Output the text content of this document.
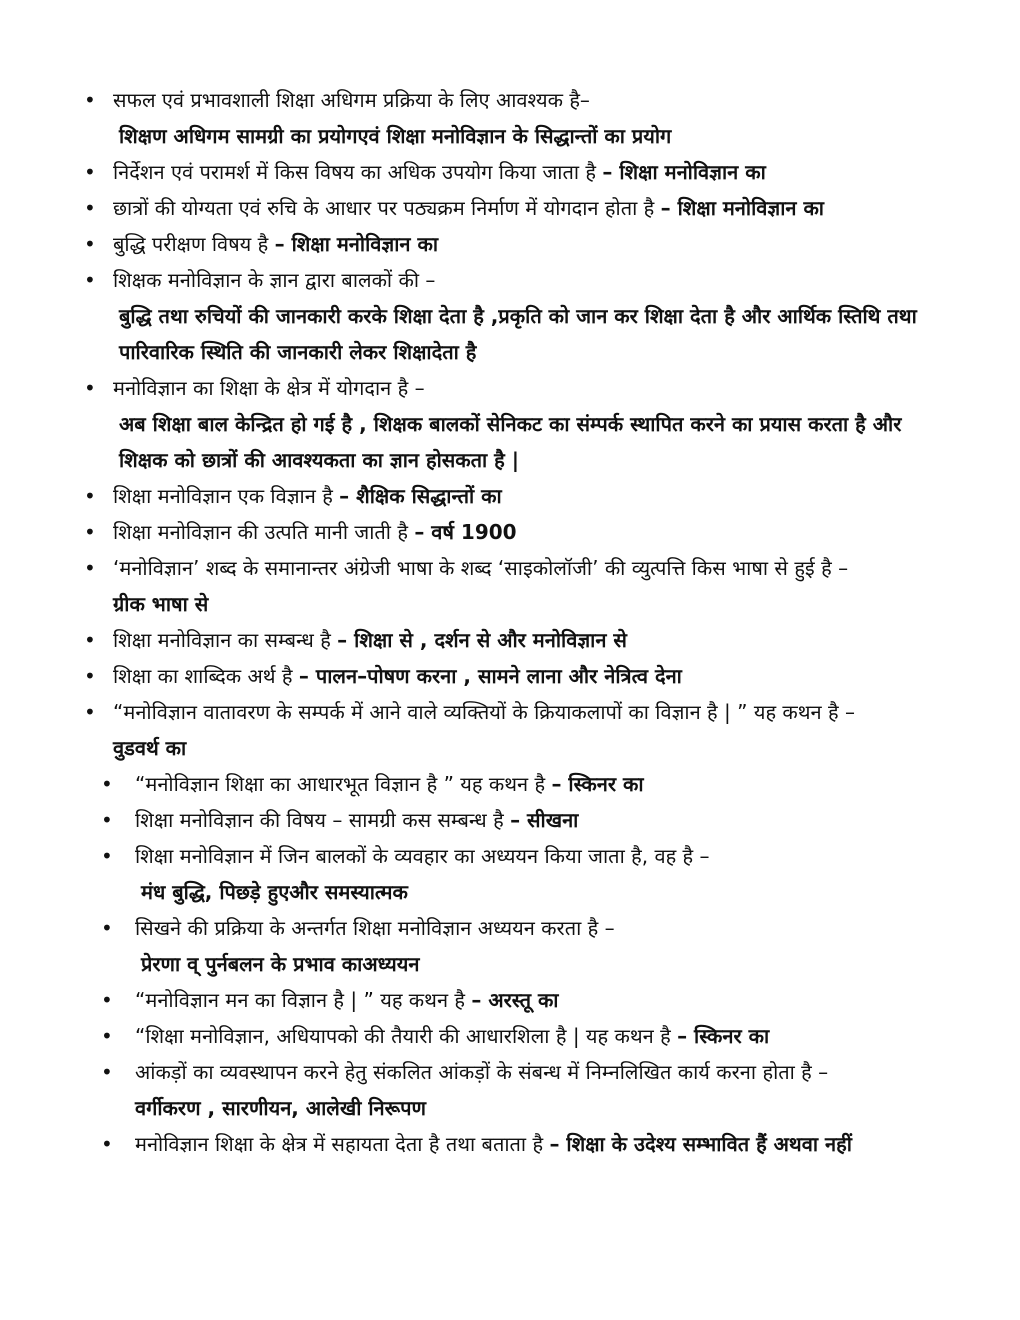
• सफल एवं प्रभावशाली शिक्षा अधिगम प्रक्रिया के लिए आवश्यक है–
शिक्षण अधिगम सामग्री का प्रयोगएवं शिक्षा मनोविज्ञान के सिद्धान्तों का प्रयोग
• निर्देशन एवं परामर्श में किस विषय का अधिक उपयोग किया जाता है – शिक्षा मनोविज्ञान का
• छात्रों की योग्यता एवं रुचि के आधार पर पठ्यक्रम निर्माण में योगदान होता है – शिक्षा मनोविज्ञान का
• बुद्धि परीक्षण विषय है – शिक्षा मनोविज्ञान का
• शिक्षक मनोविज्ञान के ज्ञान द्वारा बालकों की –
बुद्धि तथा रुचियों की जानकारी करके शिक्षा देता है ,प्रकृति को जान कर शिक्षा देता है और आर्थिक स्तिथि तथा पारिवारिक स्थिति की जानकारी लेकर शिक्षादेता है
• मनोविज्ञान का शिक्षा के क्षेत्र में योगदान है –
अब शिक्षा बाल केन्द्रित हो गई है , शिक्षक बालकों सेनिकट का संम्पर्क स्थापित करने का प्रयास करता है और शिक्षक को छात्रों की आवश्यकता का ज्ञान होसकता है |
• शिक्षा मनोविज्ञान एक विज्ञान है – शैक्षिक सिद्धान्तों का
• शिक्षा मनोविज्ञान की उत्पति मानी जाती है – वर्ष 1900
• ‘मनोविज्ञान’ शब्द के समानान्तर अंग्रेजी भाषा के शब्द ‘साइकोलॉजी’ की व्युत्पत्ति किस भाषा से हुई है –
ग्रीक भाषा से
• शिक्षा मनोविज्ञान का सम्बन्ध है – शिक्षा से , दर्शन से और मनोविज्ञान से
• शिक्षा का शाब्दिक अर्थ है – पालन–पोषण करना , सामने लाना और नेत्रित्व देना
• “मनोविज्ञान वातावरण के सम्पर्क में आने वाले व्यक्तियों के क्रियाकलापों का विज्ञान है | ” यह कथन है –
वुडवर्थ का
• “मनोविज्ञान शिक्षा का आधारभूत विज्ञान है ” यह कथन है – स्किनर का
• शिक्षा मनोविज्ञान की विषय – सामग्री कस सम्बन्ध है – सीखना
• शिक्षा मनोविज्ञान में जिन बालकों के व्यवहार का अध्ययन किया जाता है, वह है –
मंध बुद्धि, पिछड़े हुएऔर समस्यात्मक
• सिखने की प्रक्रिया के अन्तर्गत शिक्षा मनोविज्ञान अध्ययन करता है –
प्रेरणा व् पुर्नबलन के प्रभाव काअध्ययन
• “मनोविज्ञान मन का विज्ञान है | ” यह कथन है – अरस्तू का
• “शिक्षा मनोविज्ञान, अधियापको की तैयारी की आधारशिला है | यह कथन है – स्किनर का
• आंकड़ों का व्यवस्थापन करने हेतु संकलित आंकड़ों के संबन्ध में निम्नलिखित कार्य करना होता है –
वर्गीकरण , सारणीयन, आलेखी निरूपण
• मनोविज्ञान शिक्षा के क्षेत्र में सहायता देता है तथा बताता है – शिक्षा के उदेश्य सम्भावित हैं अथवा नहीं
